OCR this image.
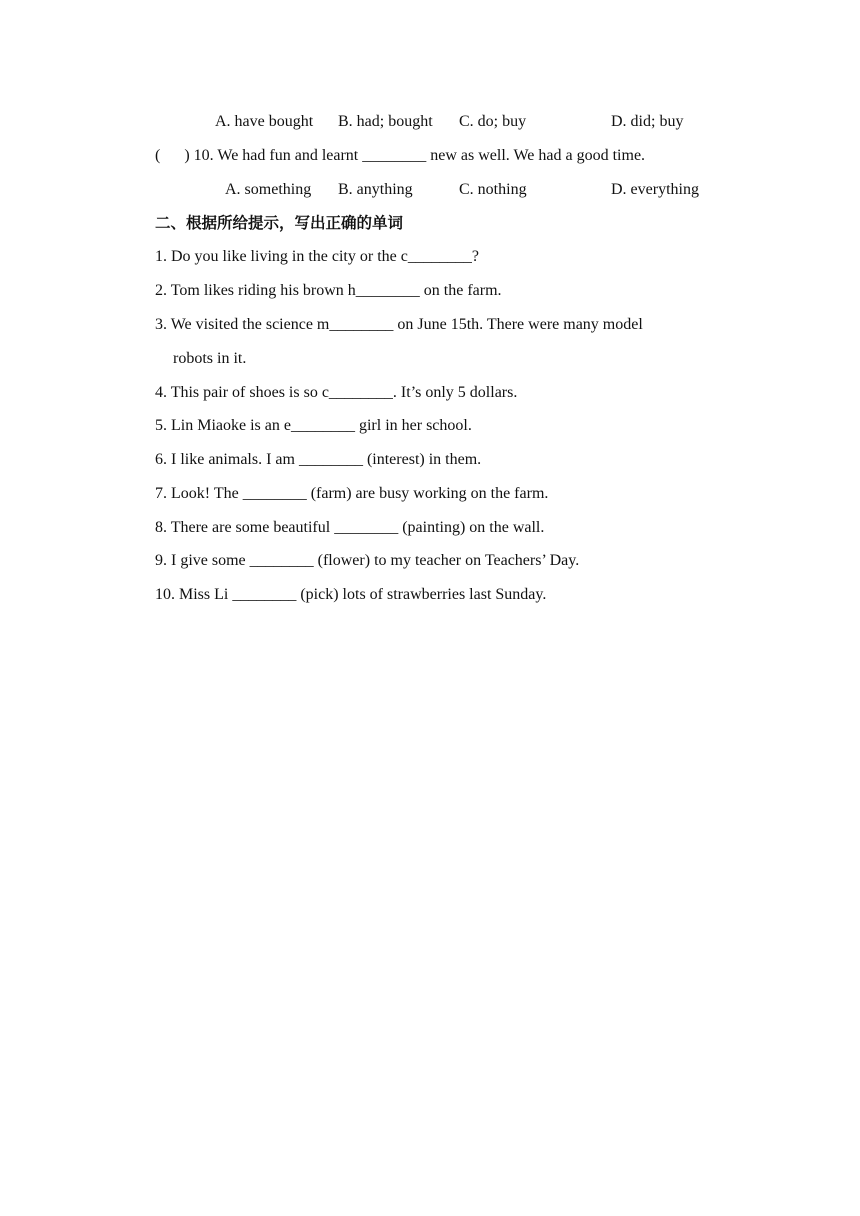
A. have bought B. had; bought C. do; buy	D. did; buy
(      ) 10. We had fun and learnt ________ new as well. We had a good time.
A. something B. anything	C. nothing	D. everything
二、根据所给提示，写出正确的单词
1. Do you like living in the city or the c________?
2. Tom likes riding his brown h________ on the farm.
3. We visited the science m________ on June 15th. There were many model
robots in it.
4. This pair of shoes is so c________. It’s only 5 dollars.
5. Lin Miaoke is an e________ girl in her school.
6. I like animals. I am ________ (interest) in them.
7. Look! The ________ (farm) are busy working on the farm.
8. There are some beautiful ________ (painting) on the wall.
9. I give some ________ (flower) to my teacher on Teachers’ Day.
10. Miss Li ________ (pick) lots of strawberries last Sunday.
